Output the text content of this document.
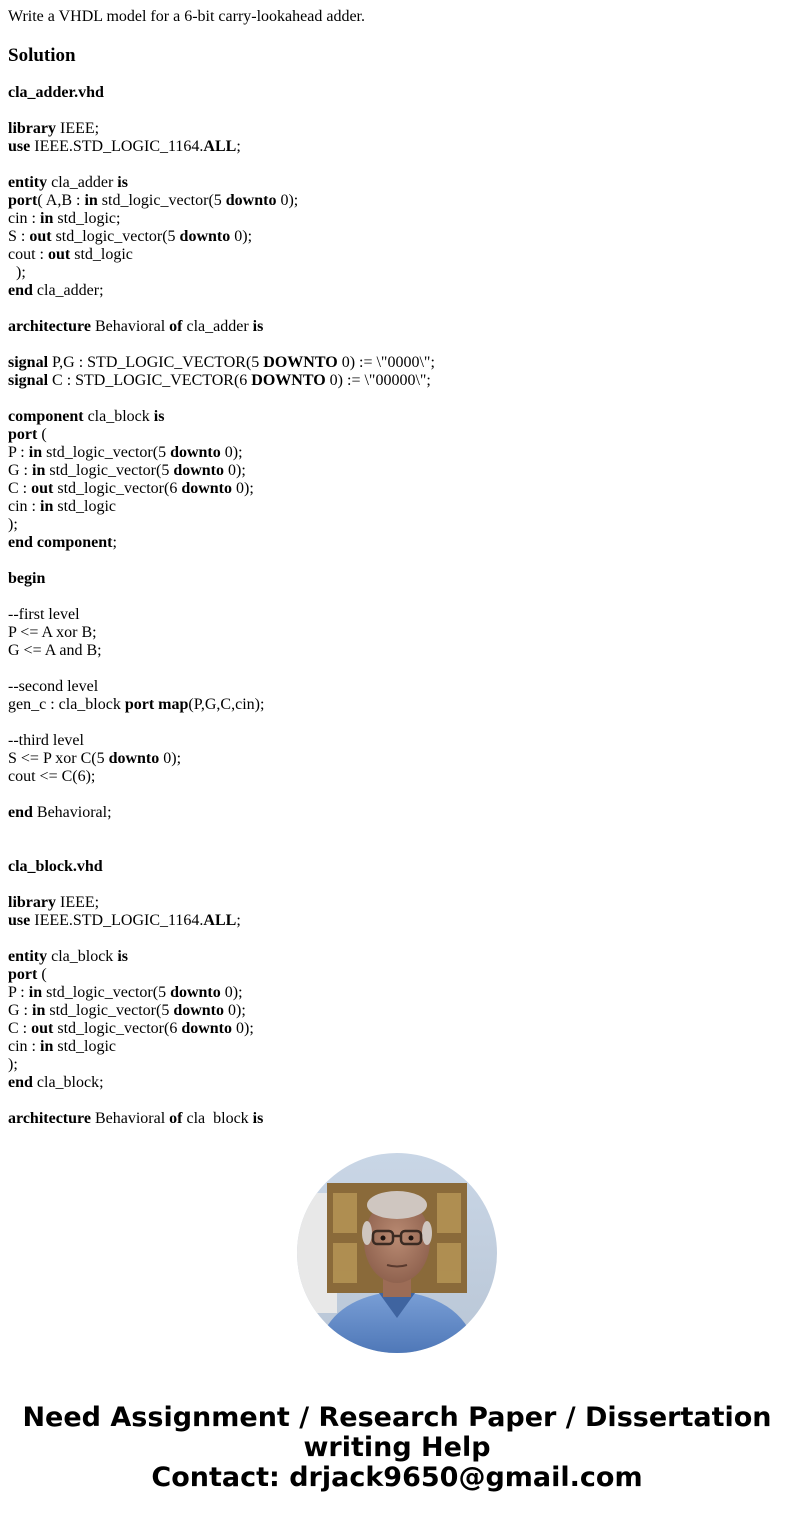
Write a VHDL model for a 6-bit carry-lookahead adder.

Solution
cla_adder.vhd
library IEEE;
use IEEE.STD_LOGIC_1164.ALL;
entity cla_adder is
port( A,B : in std_logic_vector(5 downto 0);
cin : in std_logic;
S : out std_logic_vector(5 downto 0);
cout : out std_logic
);
end cla_adder;
architecture Behavioral of cla_adder is
signal P,G : STD_LOGIC_VECTOR(5 DOWNTO 0) := \"0000\";
signal C : STD_LOGIC_VECTOR(6 DOWNTO 0) := \"00000\";
component cla_block is
port (
P : in std_logic_vector(5 downto 0);
G : in std_logic_vector(5 downto 0);
C : out std_logic_vector(6 downto 0);
cin : in std_logic
);
end component;
begin
--first level
P <= A xor B;
G <= A and B;
--second level
gen_c : cla_block port map(P,G,C,cin);
--third level
S <= P xor C(5 downto 0);
cout <= C(6);
end Behavioral;
cla_block.vhd
library IEEE;
use IEEE.STD_LOGIC_1164.ALL;
entity cla_block is
port (
P : in std_logic_vector(5 downto 0);
G : in std_logic_vector(5 downto 0);
C : out std_logic_vector(6 downto 0);
cin : in std_logic
);
end cla_block;
architecture Behavioral of cla_block is
Need Assignment / Research Paper / Dissertation
writing Help
Contact: drjack9650@gmail.com
